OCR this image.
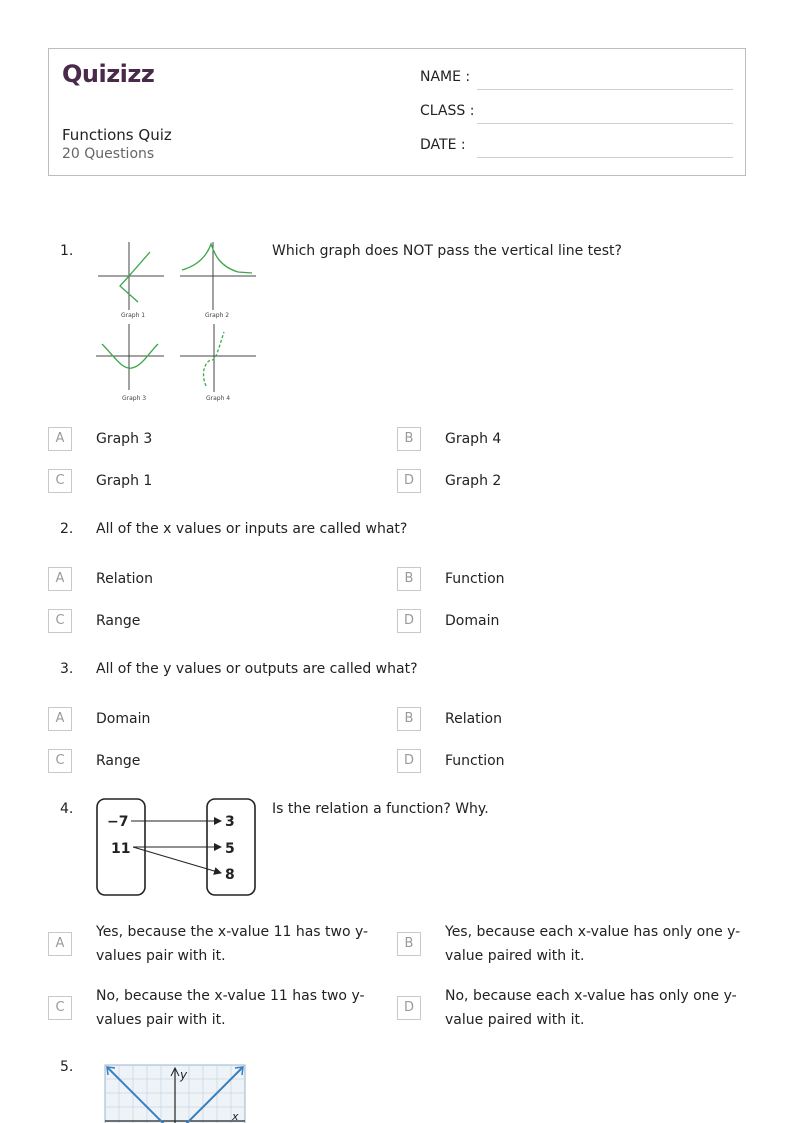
Quizizz
Functions Quiz
20 Questions
NAME :
CLASS :
DATE :
1.
Graph 1	Graph 2
Graph 3	Graph 4
Which graph does NOT pass the vertical line test?
A	Graph 3	B	Graph 4
C	Graph 1	D	Graph 2
2. All of the x values or inputs are called what?
A	Relation	B	Function
C	Range	D	Domain
3. All of the y values or outputs are called what?
A	Domain	B	Relation
C	Range	D	Function
4.
−7
11
3
5
8
Is the relation a function? Why.
A
Yes, because the x-value 11 has two y-values pair with it.
B
Yes, because each x-value has only one y-value paired with it.
C
No, because the x-value 11 has two y-values pair with it.
D
No, because each x-value has only one y-value paired with it.
5.	y
x
